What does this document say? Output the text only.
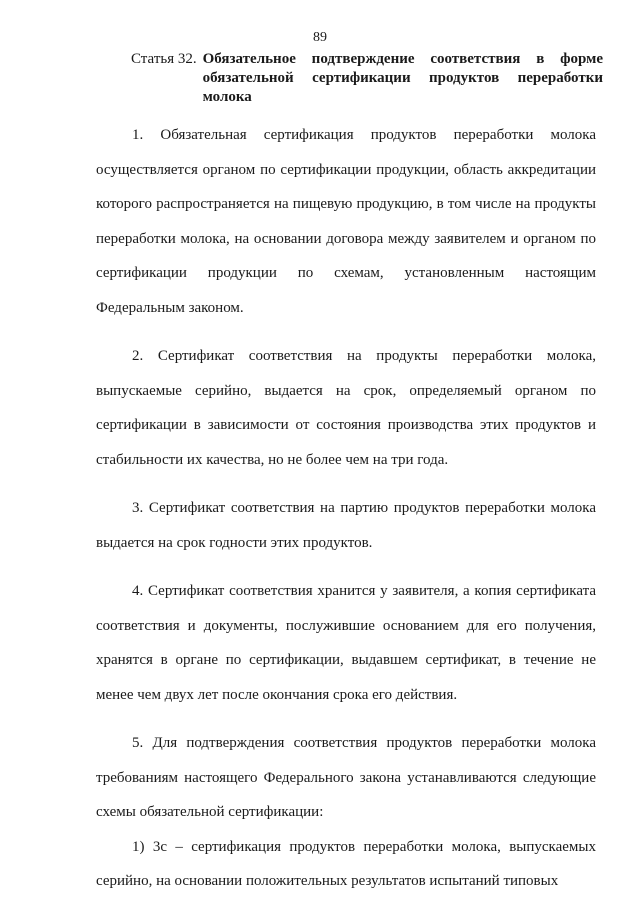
89
Статья 32. Обязательное подтверждение соответствия в форме обязательной сертификации продуктов переработки молока

1. Обязательная сертификация продуктов переработки молока осуществляется органом по сертификации продукции, область аккредитации которого распространяется на пищевую продукцию, в том числе на продукты переработки молока, на основании договора между заявителем и органом по сертификации продукции по схемам, установленным настоящим Федеральным законом.

2. Сертификат соответствия на продукты переработки молока, выпускаемые серийно, выдается на срок, определяемый органом по сертификации в зависимости от состояния производства этих продуктов и стабильности их качества, но не более чем на три года.

3. Сертификат соответствия на партию продуктов переработки молока выдается на срок годности этих продуктов.

4. Сертификат соответствия хранится у заявителя, а копия сертификата соответствия и документы, послужившие основанием для его получения, хранятся в органе по сертификации, выдавшем сертификат, в течение не менее чем двух лет после окончания срока его действия.

5. Для подтверждения соответствия продуктов переработки молока требованиям настоящего Федерального закона устанавливаются следующие схемы обязательной сертификации:

1) 3с – сертификация продуктов переработки молока, выпускаемых серийно, на основании положительных результатов испытаний типовых
